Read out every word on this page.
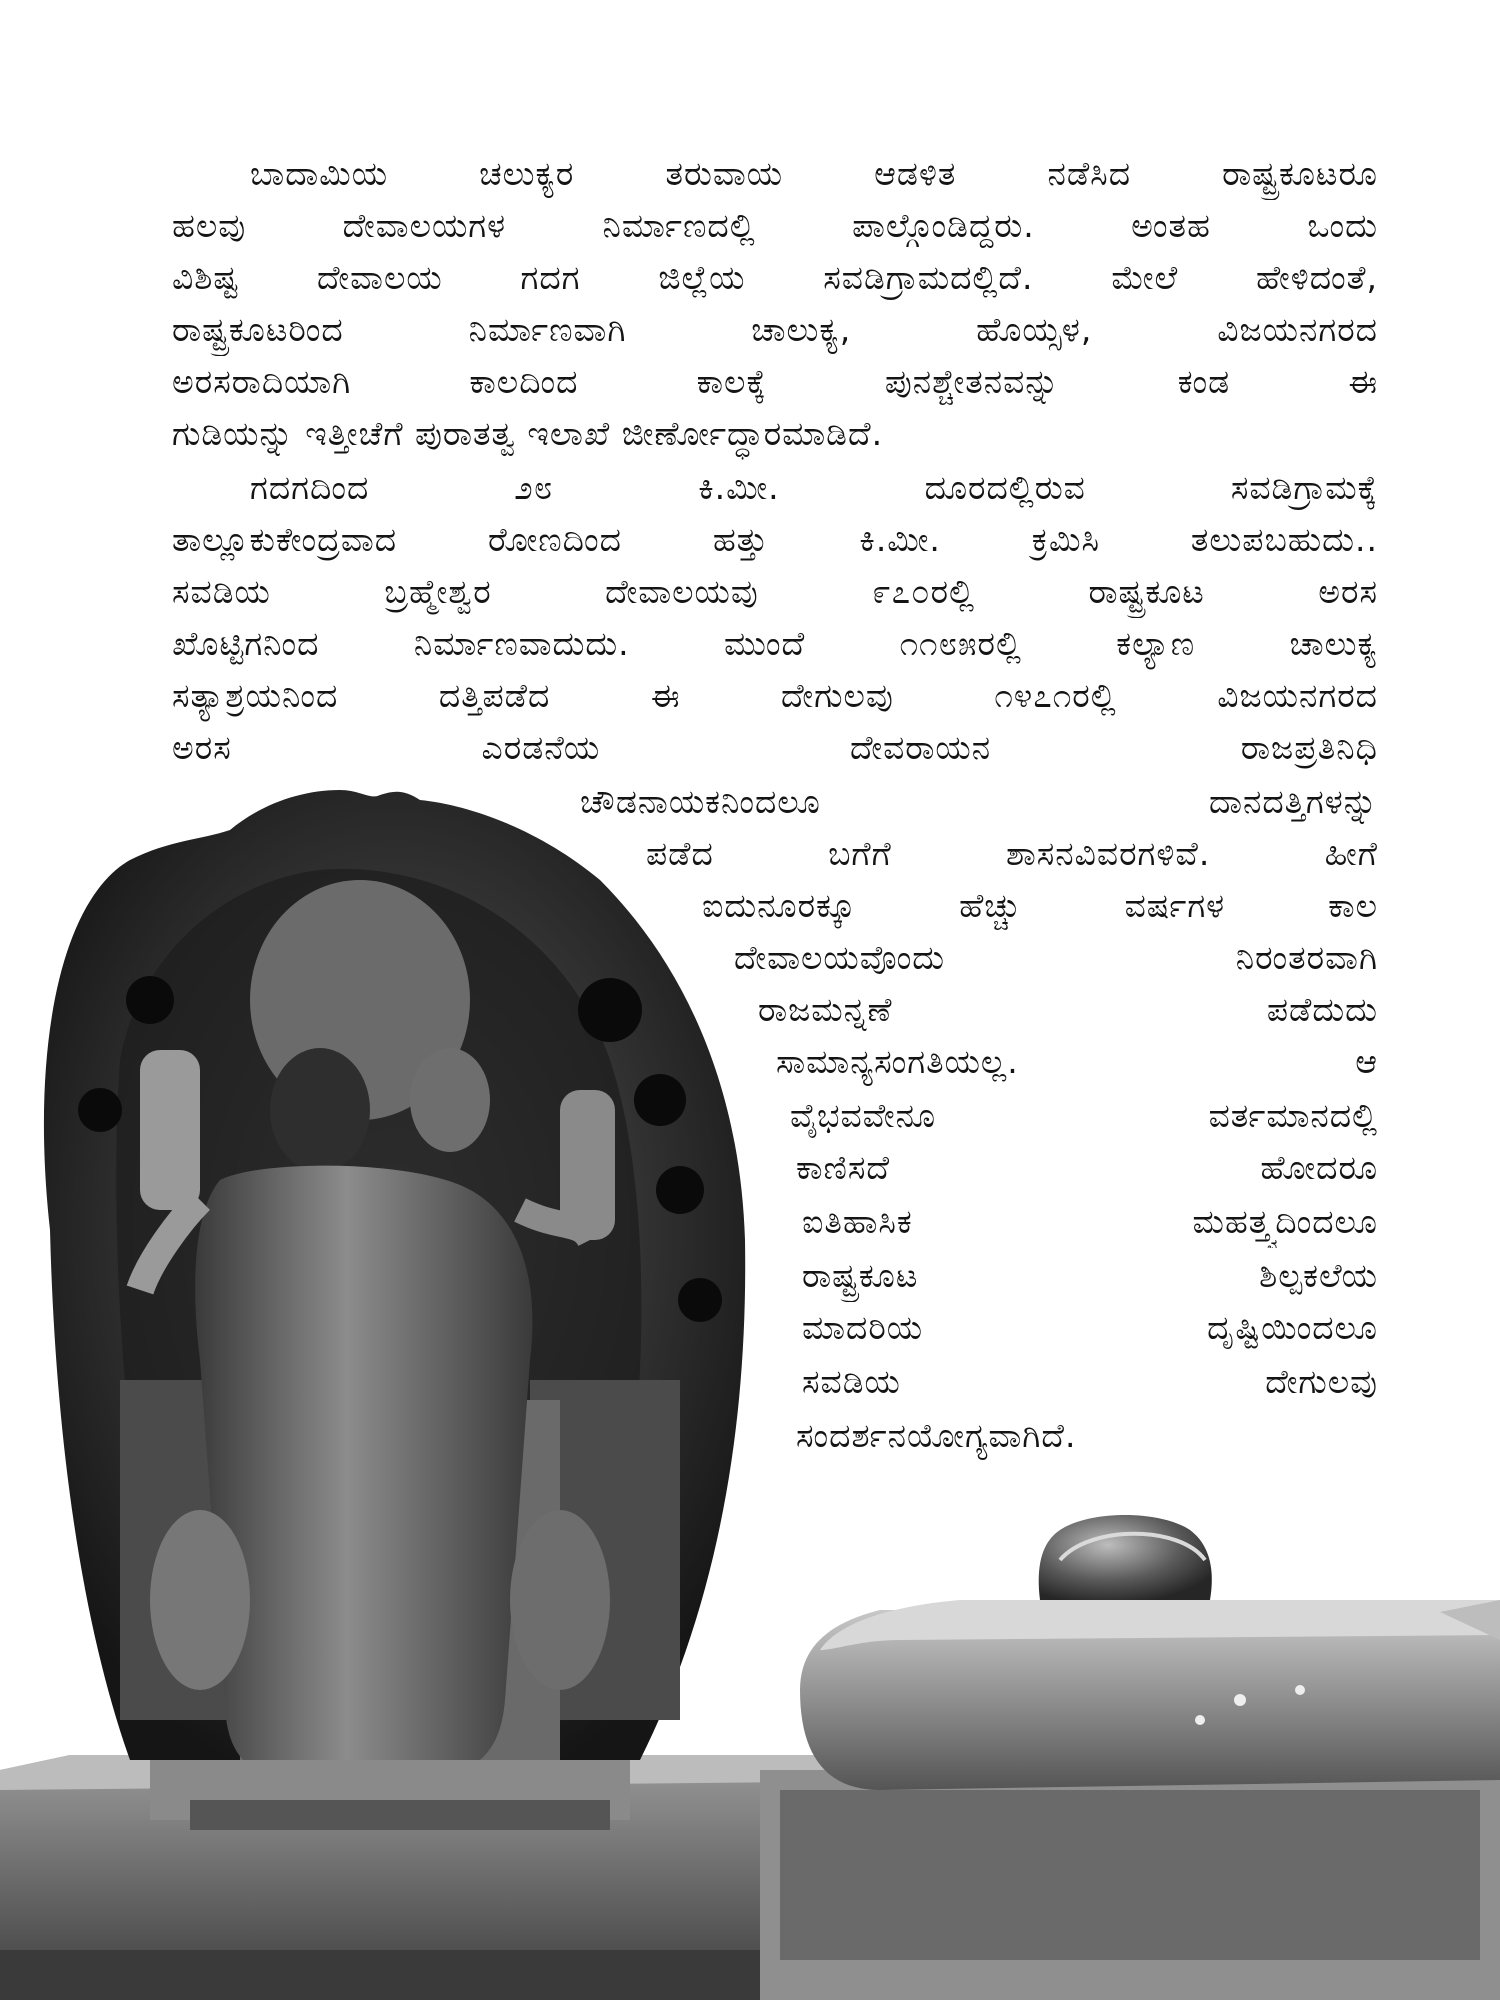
ಬಾದಾಮಿಯ	ಚಲುಕ್ಯರ	ತರುವಾಯ	ಆಡಳಿತ	ನಡೆಸಿದ	ರಾಷ್ಟ್ರಕೂಟರೂ
ಹಲವು	ದೇವಾಲಯಗಳ	ನಿರ್ಮಾಣದಲ್ಲಿ	ಪಾಲ್ಗೊಂಡಿದ್ದರು.	ಅಂತಹ	ಒಂದು
ವಿಶಿಷ್ಟ ದೇವಾಲಯ ಗದಗ ಜಿಲ್ಲೆಯ ಸವಡಿಗ್ರಾಮದಲ್ಲಿದೆ. ಮೇಲೆ ಹೇಳಿದಂತೆ,
ರಾಷ್ಟ್ರಕೂಟರಿಂದ	ನಿರ್ಮಾಣವಾಗಿ	ಚಾಲುಕ್ಯ,	ಹೊಯ್ಸಳ,	ವಿಜಯನಗರದ
ಅರಸರಾದಿಯಾಗಿ	ಕಾಲದಿಂದ	ಕಾಲಕ್ಕೆ	ಪುನಶ್ಚೇತನವನ್ನು	ಕಂಡ	ಈ
ಗುಡಿಯನ್ನು ಇತ್ತೀಚೆಗೆ ಪುರಾತತ್ವ ಇಲಾಖೆ ಜೀರ್ಣೋದ್ಧಾರಮಾಡಿದೆ.
ಗದಗದಿಂದ	೨೮	ಕಿ.ಮೀ.	ದೂರದಲ್ಲಿರುವ	ಸವಡಿಗ್ರಾಮಕ್ಕೆ
ತಾಲ್ಲೂಕುಕೇಂದ್ರವಾದ	ರೋಣದಿಂದ	ಹತ್ತು	ಕಿ.ಮೀ.	ಕ್ರಮಿಸಿ	ತಲುಪಬಹುದು..
ಸವಡಿಯ	ಬ್ರಹ್ಮೇಶ್ವರ	ದೇವಾಲಯವು	೯೭೦ರಲ್ಲಿ	ರಾಷ್ಟ್ರಕೂಟ	ಅರಸ
ಖೊಟ್ಟಿಗನಿಂದ	ನಿರ್ಮಾಣವಾದುದು.	ಮುಂದೆ	೧೧೮೫ರಲ್ಲಿ	ಕಲ್ಯಾಣ	ಚಾಲುಕ್ಯ
ಸತ್ಯಾಶ್ರಯನಿಂದ	ದತ್ತಿಪಡೆದ	ಈ	ದೇಗುಲವು	೧೪೭೧ರಲ್ಲಿ	ವಿಜಯನಗರದ
ಅರಸ	ಎರಡನೆಯ	ದೇವರಾಯನ	ರಾಜಪ್ರತಿನಿಧಿ
ಚೌಡನಾಯಕನಿಂದಲೂ	ದಾನದತ್ತಿಗಳನ್ನು
ಪಡೆದ	ಬಗೆಗೆ	ಶಾಸನವಿವರಗಳಿವೆ.	ಹೀಗೆ
ಐದುನೂರಕ್ಕೂ	ಹೆಚ್ಚು	ವರ್ಷಗಳ	ಕಾಲ
ದೇವಾಲಯವೊಂದು	ನಿರಂತರವಾಗಿ
ರಾಜಮನ್ನಣೆ	ಪಡೆದುದು
ಸಾಮಾನ್ಯಸಂಗತಿಯಲ್ಲ.	ಆ
ವೈಭವವೇನೂ	ವರ್ತಮಾನದಲ್ಲಿ
ಕಾಣಿಸದೆ	ಹೋದರೂ
ಐತಿಹಾಸಿಕ	ಮಹತ್ತ್ವದಿಂದಲೂ
ರಾಷ್ಟ್ರಕೂಟ	ಶಿಲ್ಪಕಲೆಯ
ಮಾದರಿಯ	ದೃಷ್ಟಿಯಿಂದಲೂ
ಸವಡಿಯ	ದೇಗುಲವು
ಸಂದರ್ಶನಯೋಗ್ಯವಾಗಿದೆ.
